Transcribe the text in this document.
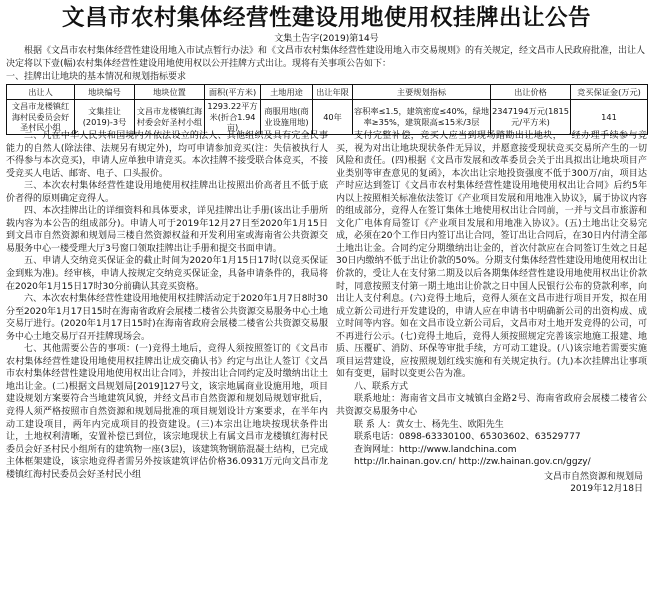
文昌市农村集体经营性建设用地使用权挂牌出让公告
文集土告字(2019)第14号

根据《文昌市农村集体经营性建设用地入市试点暂行办法》和《文昌市农村集体经营性建设用地入市交易规则》的有关规定，经文昌市人民政府批准，出让人决定将以下壹(幅)农村集体经营性建设用地使用权以公开挂牌方式出让。现将有关事项公告如下：

一、挂牌出让地块的基本情况和规划指标要求
出让人	地块编号	地块位置	面积(平方米)	土地用途	出让年限	主要规划指标	出让价格	竞买保证金(万元)
文昌市龙楼镇红海村民委员会好圣村民小组	文集挂让(2019)-3号	文昌市龙楼镇红海村委会好圣村小组	1293.22平方米(折合1.94亩)	商服用地(商业设施用地)	40年	容积率≤1.5，建筑密度≤40%，绿地率≥35%，建筑限高≤15米/3层	2347194万元(1815元/平方米)	141

二、凡在中华人民共和国境内外依法设立的法人、其他组织及具有完全民事能力的自然人(除法律、法规另有规定外)，均可申请参加竞买(注：失信被执行人不得参与本次竞买)，申请人应单独申请竞买。本次挂牌不接受联合体竞买，不接受竞买人电话、邮寄、电子、口头报价。

三、本次农村集体经营性建设用地使用权挂牌出让按照出价高者且不低于底价者得的原则确定竞得人。

四、本次挂牌出让的详细资料和具体要求，详见挂牌出让手册(该出让手册所载内容为本公告的组成部分)。申请人可于2019年12月27日至2020年1月15日到文昌市自然资源和规划局三楼自然资源权益和开发利用室或海南省公共资源交易服务中心一楼受理大厅3号窗口领取挂牌出让手册和提交书面申请。

五、申请人交纳竞买保证金的截止时间为2020年1月15日17时(以竞买保证金到账为准)。经审核，申请人按规定交纳竞买保证金，具备申请条件的，我局将在2020年1月15日17时30分前确认其竞买资格。

六、本次农村集体经营性建设用地使用权挂牌活动定于2020年1月7日8时30分至2020年1月17日15时在海南省政府会展楼二楼省公共资源交易服务中心土地交易厅进行。(2020年1月17日15时)在海南省政府会展楼二楼省公共资源交易服务中心土地交易厅召开挂牌现场会。

七、其他需要公告的事项：(一)竞得土地后，竞得人须按照签订的《文昌市农村集体经营性建设用地使用权挂牌出让成交确认书》约定与出让人签订《文昌市农村集体经营性建设用地使用权出让合同》，并按出让合同约定及时缴纳出让土地出让金。(二)根据文昌规划局[2019]127号文，该宗地属商业设施用地，项目建设规划方案要符合当地建筑风貌，并经文昌市自然资源和规划局规划审批后，竞得人须严格按照市自然资源和规划局批准的项目规划设计方案要求，在半年内动工建设项目，两年内完成项目的投资建设。(三)本宗出让地块按现状条件出让，土地权利清晰，安置补偿已到位，该宗地现状上有属文昌市龙楼镇红海村民委员会好圣村民小组所有的建筑物一座(3层)，该建筑物钢筋混凝土结构，已完成主体框架建设，该宗地竞得者需另外按该建筑评估价格36.0931万元向文昌市龙楼镇红海村民委员会好圣村民小组

支付完整补偿，竞买人应当到现场踏勘出让地块，一经办理手续参与竞买，视为对出让地块现状条件无异议，并愿意接受现状竞买交易所产生的一切风险和责任。(四)根据《文昌市发展和改革委员会关于出具拟出让地块项目产业类别等审查意见的复函》，本次出让宗地投资强度不低于300万/亩，项目达产时应达到签订《文昌市农村集体经营性建设用地使用权出让合同》后约5年内以上按照相关标准依法签订《产业项目发展和用地准入协议》，属于协议内容的组成部分，竞得人在签订集体土地使用权出让合同前，一并与文昌市旅游和文化广电体育局签订《产业项目发展和用地准入协议》。(五)土地出让交易完成，必须在20个工作日内签订出让合同，签订出让合同后，在30日内付清全部土地出让金。合同约定分期缴纳出让金的，首次付款应在合同签订生效之日起30日内缴纳不低于出让价款的50%。分期支付集体经营性建设用地使用权出让价款的，受让人在支付第二期及以后各期集体经营性建设用地使用权出让价款时，同意按照支付第一期土地出让价款之日中国人民银行公布的贷款利率，向出让人支付利息。(六)竞得土地后，竞得人须在文昌市进行项目开发，拟在用成立新公司进行开发建设的，申请人应在申请书中明确新公司的出资构成、成立时间等内容。如在文昌市设立新公司后，文昌市对土地开发竞得的公司，可不再进行公示。(七)竞得土地后，竞得人须按照规定完善该宗地施工报建、地质、压覆矿、消防、环保等审批手续，方可动工建设。(八)该宗地若需要实施项目运营建设，应按照规划红线实施和有关规定执行。(九)本次挂牌出让事项如有变更，届时以变更公告为准。

八、联系方式

联系地址：海南省文昌市文城镇白金路2号、海南省政府会展楼二楼省公共资源交易服务中心

联 系 人：黄女士、杨先生、欧阳先生
联系电话：0898-63330100、65303602、63529777
查询网址：http://www.landchina.com
http://lr.hainan.gov.cn/ http://zw.hainan.gov.cn/ggzy/
文昌市自然资源和规划局
2019年12月18日
